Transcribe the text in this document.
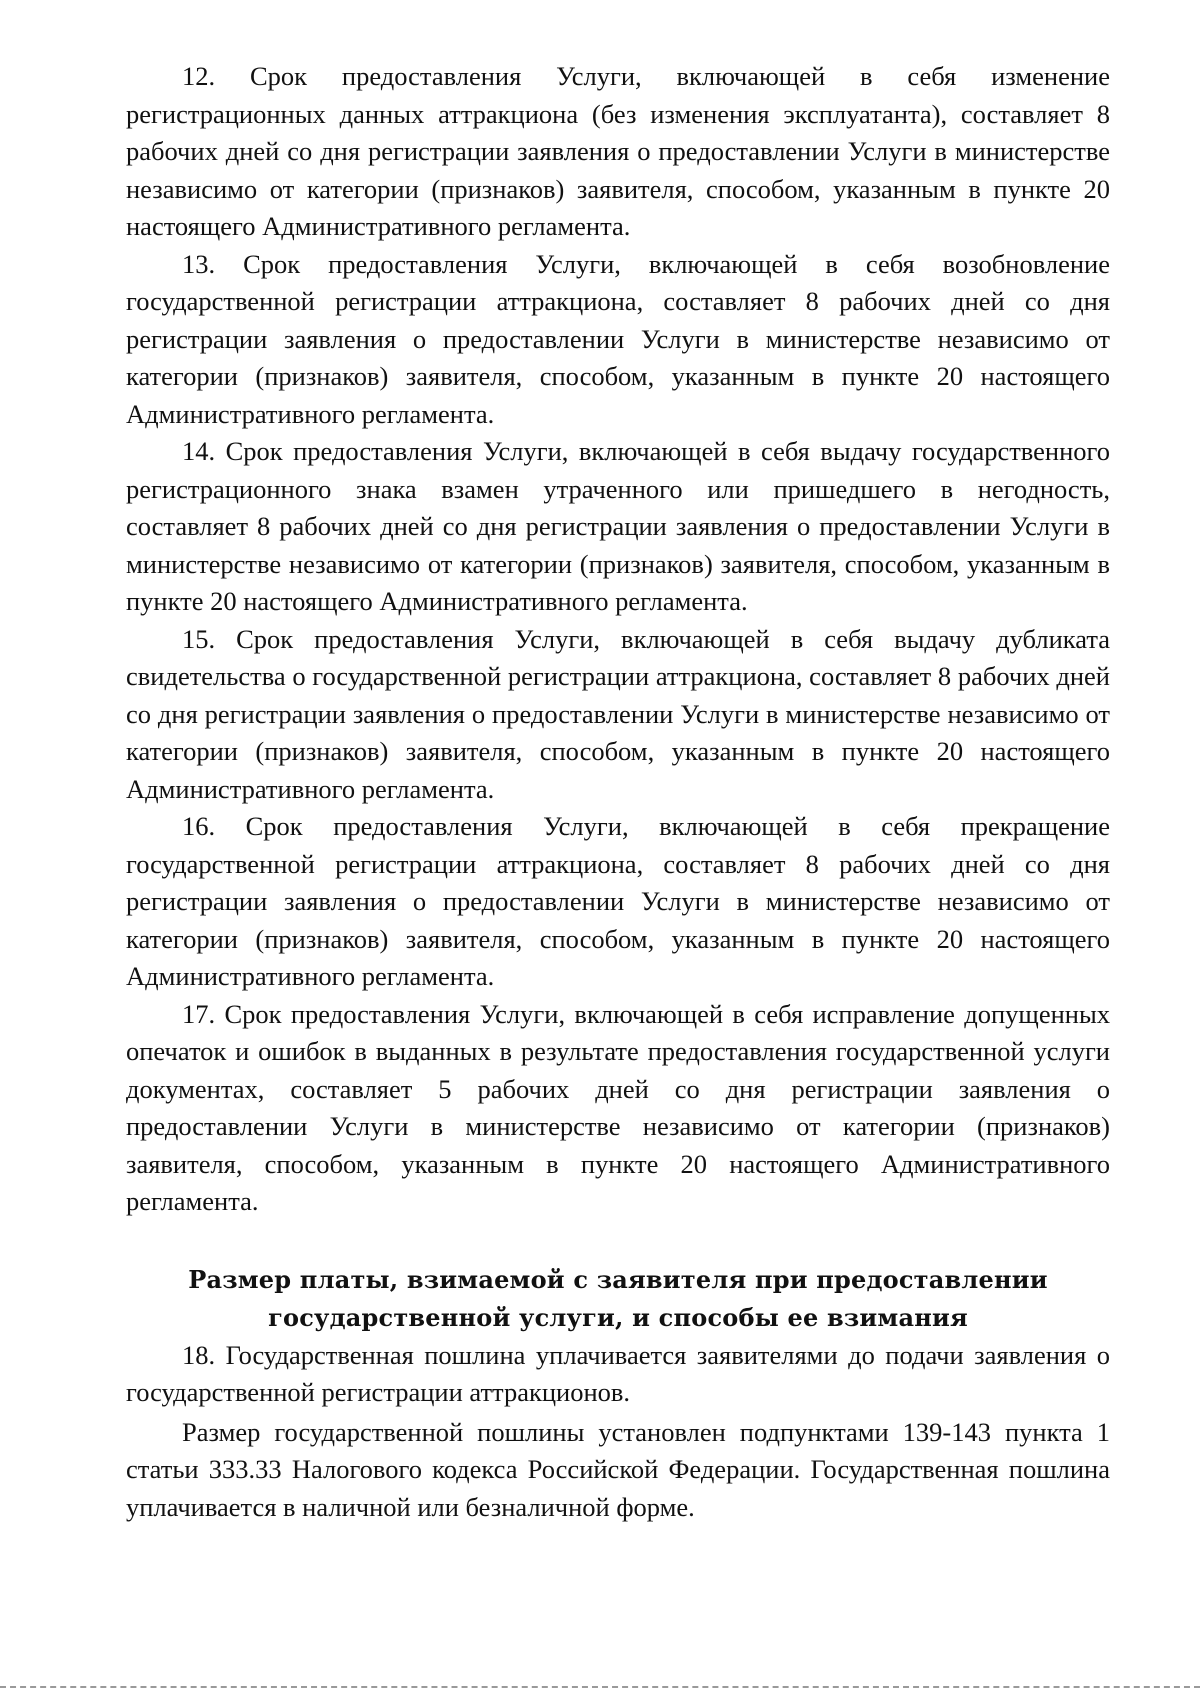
12. Срок предоставления Услуги, включающей в себя изменение регистрационных данных аттракциона (без изменения эксплуатанта), составляет 8 рабочих дней со дня регистрации заявления о предоставлении Услуги в министерстве независимо от категории (признаков) заявителя, способом, указанным в пункте 20 настоящего Административного регламента.

13. Срок предоставления Услуги, включающей в себя возобновление государственной регистрации аттракциона, составляет 8 рабочих дней со дня регистрации заявления о предоставлении Услуги в министерстве независимо от категории (признаков) заявителя, способом, указанным в пункте 20 настоящего Административного регламента.

14. Срок предоставления Услуги, включающей в себя выдачу государственного регистрационного знака взамен утраченного или пришедшего в негодность, составляет 8 рабочих дней со дня регистрации заявления о предоставлении Услуги в министерстве независимо от категории (признаков) заявителя, способом, указанным в пункте 20 настоящего Административного регламента.

15. Срок предоставления Услуги, включающей в себя выдачу дубликата свидетельства о государственной регистрации аттракциона, составляет 8 рабочих дней со дня регистрации заявления о предоставлении Услуги в министерстве независимо от категории (признаков) заявителя, способом, указанным в пункте 20 настоящего Административного регламента.

16. Срок предоставления Услуги, включающей в себя прекращение государственной регистрации аттракциона, составляет 8 рабочих дней со дня регистрации заявления о предоставлении Услуги в министерстве независимо от категории (признаков) заявителя, способом, указанным в пункте 20 настоящего Административного регламента.

17. Срок предоставления Услуги, включающей в себя исправление допущенных опечаток и ошибок в выданных в результате предоставления государственной услуги документах, составляет 5 рабочих дней со дня регистрации заявления о предоставлении Услуги в министерстве независимо от категории (признаков) заявителя, способом, указанным в пункте 20 настоящего Административного регламента.

Размер платы, взимаемой с заявителя при предоставлении
государственной услуги, и способы ее взимания

18. Государственная пошлина уплачивается заявителями до подачи заявления о государственной регистрации аттракционов.

Размер государственной пошлины установлен подпунктами 139-143 пункта 1 статьи 333.33 Налогового кодекса Российской Федерации. Государственная пошлина уплачивается в наличной или безналичной форме.
